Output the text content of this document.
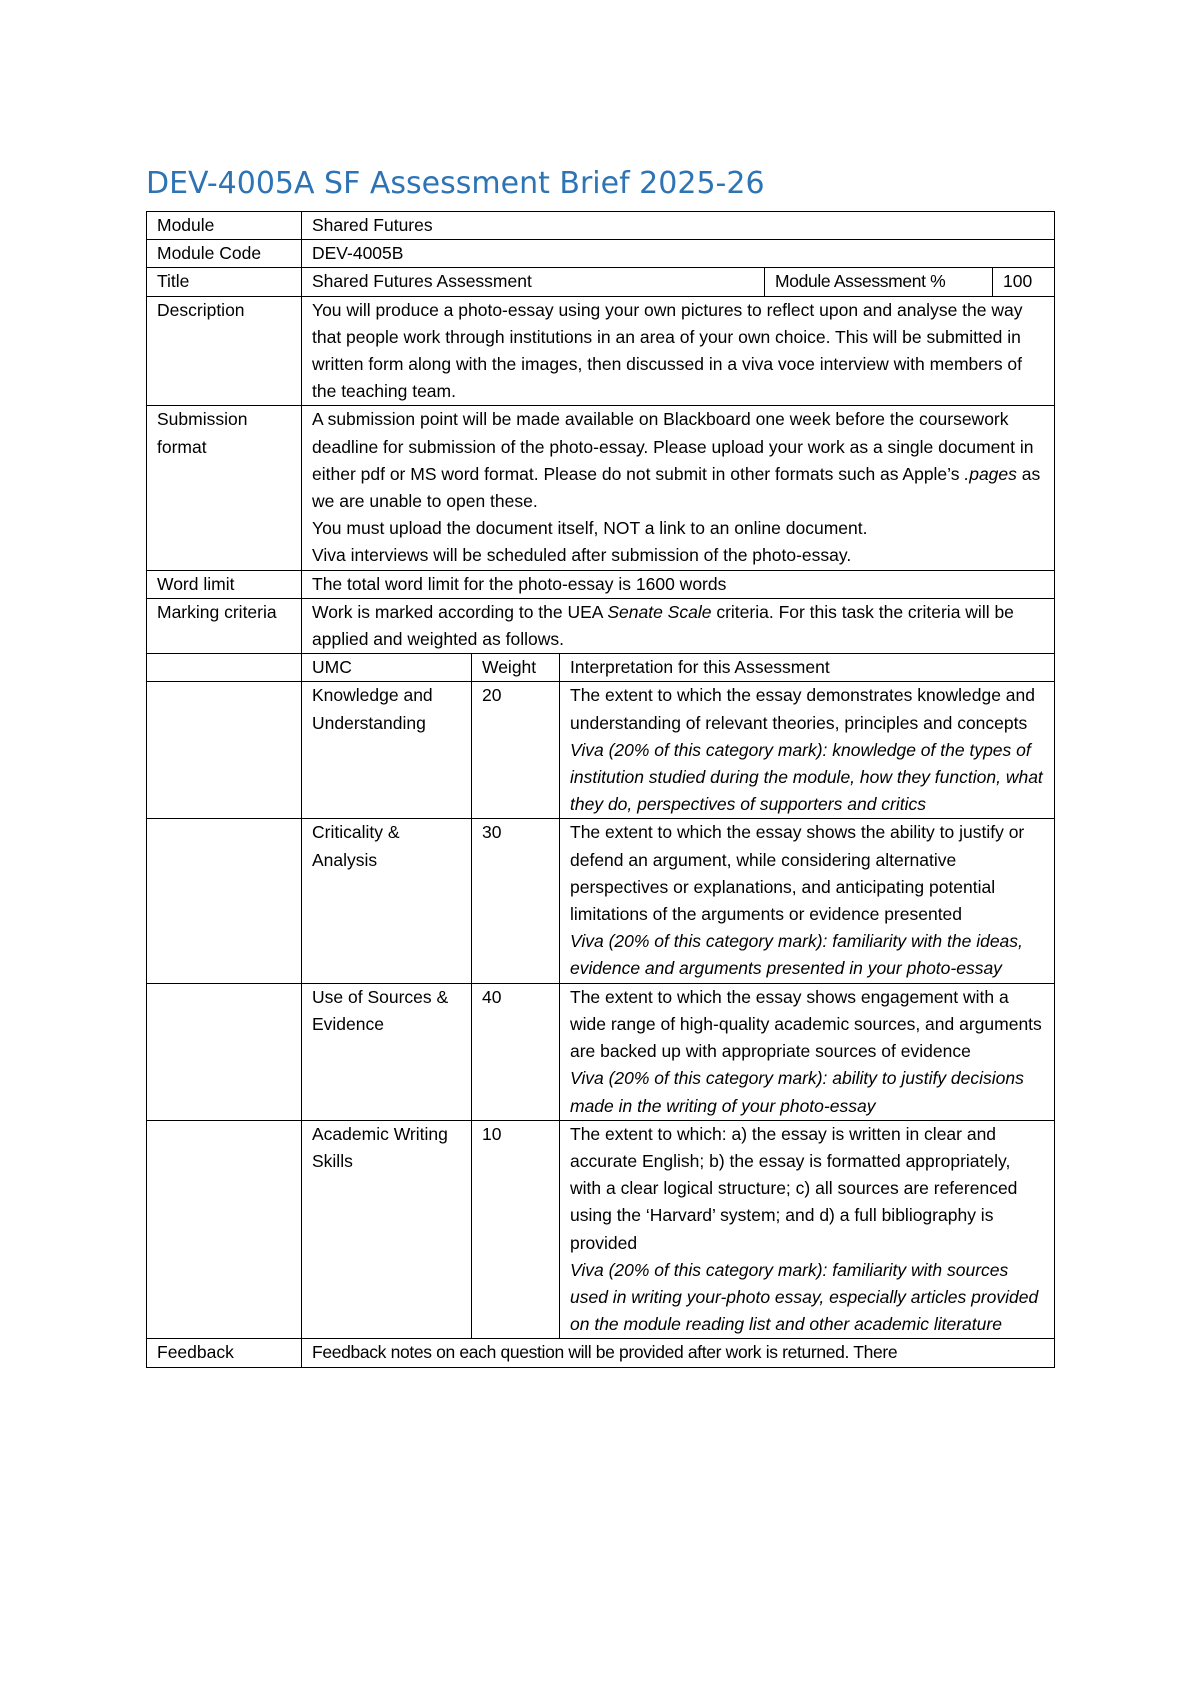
DEV-4005A SF Assessment Brief 2025-26
Module	Shared Futures				
Module Code	DEV-4005B				
Title	Shared Futures Assessment			Module Assessment %	100
Description	You will produce a photo-essay using your own pictures to reflect upon and analyse the way that people work through institutions in an area of your own choice. This will be submitted in written form along with the images, then discussed in a viva voce interview with members of the teaching team.				
Submission format	A submission point will be made available on Blackboard one week before the coursework deadline for submission of the photo-essay. Please upload your work as a single document in either pdf or MS word format. Please do not submit in other formats such as Apple’s .pages as we are unable to open these.
You must upload the document itself, NOT a link to an online document.
Viva interviews will be scheduled after submission of the photo-essay.				

Word limit	The total word limit for the photo-essay is 1600 words				
Marking criteria	Work is marked according to the UEA Senate Scale criteria. For this task the criteria will be applied and weighted as follows.				
	UMC	Weight	Interpretation for this Assessment		
	Knowledge and Understanding	20	The extent to which the essay demonstrates knowledge and understanding of relevant theories, principles and concepts
Viva (20% of this category mark): knowledge of the types of institution studied during the module, how they function, what they do, perspectives of supporters and critics		

	Criticality & Analysis	30	The extent to which the essay shows the ability to justify or defend an argument, while considering alternative perspectives or explanations, and anticipating potential limitations of the arguments or evidence presented
Viva (20% of this category mark): familiarity with the ideas, evidence and arguments presented in your photo-essay		

	Use of Sources & Evidence	40	The extent to which the essay shows engagement with a wide range of high-quality academic sources, and arguments are backed up with appropriate sources of evidence
Viva (20% of this category mark): ability to justify decisions made in the writing of your photo-essay		

	Academic Writing Skills	10	The extent to which: a) the essay is written in clear and accurate English; b) the essay is formatted appropriately, with a clear logical structure; c) all sources are referenced using the ‘Harvard’ system; and d) a full bibliography is provided
Viva (20% of this category mark): familiarity with sources used in writing your-photo essay, especially articles provided on the module reading list and other academic literature		

Feedback	Feedback notes on each question will be provided after work is returned. There				
